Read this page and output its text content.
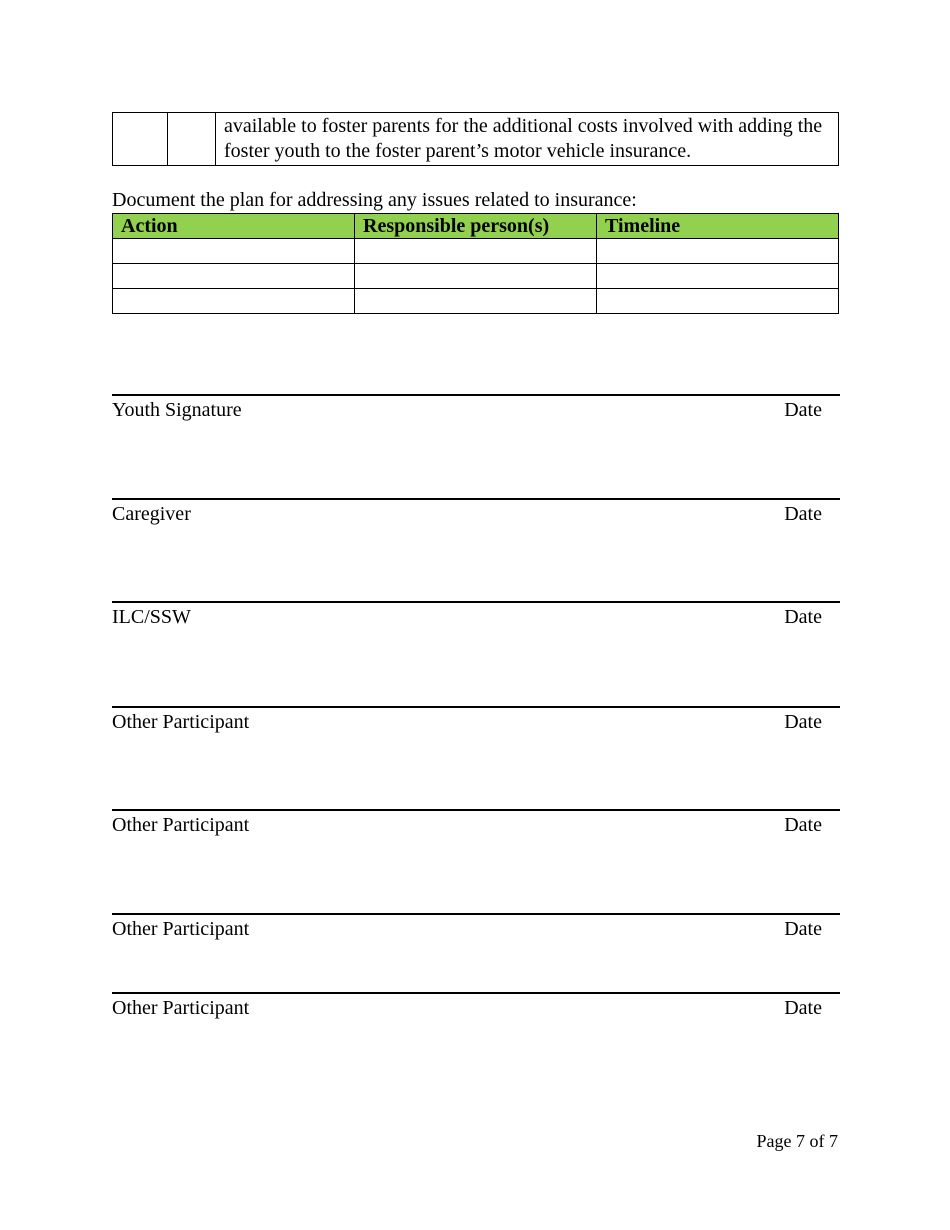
		available to foster parents for the additional costs involved with adding the foster youth to the foster parent’s motor vehicle insurance.
Document the plan for addressing any issues related to insurance:
Action	Responsible person(s)	Timeline

Youth Signature	Date
Caregiver	Date
ILC/SSW	Date
Other Participant	Date
Other Participant	Date
Other Participant	Date
Other Participant	Date
Page 7 of 7
